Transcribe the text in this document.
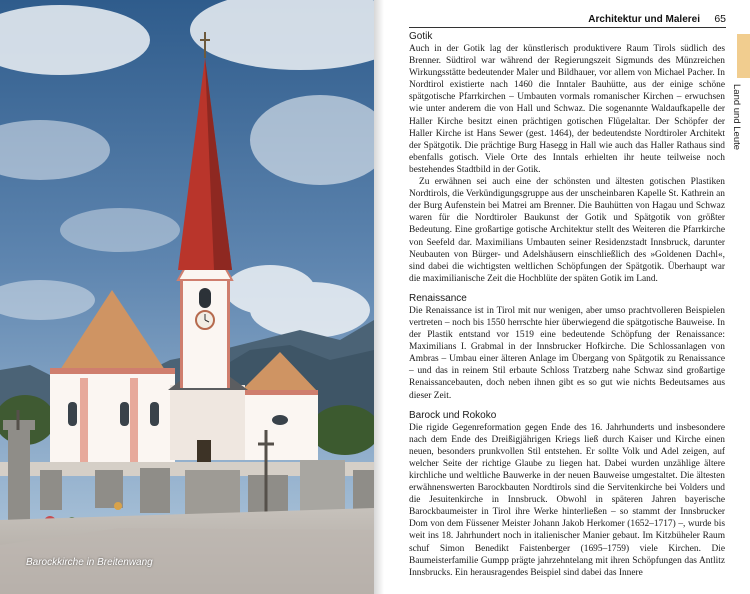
Barockkirche in Breitenwang
Architektur und Malerei 65
Land und Leute
Gotik

Auch in der Gotik lag der künstlerisch produktivere Raum Tirols südlich des Brenner. Südtirol war während der Regierungszeit Sigmunds des Münzreichen Wirkungsstätte bedeutender Maler und Bildhauer, vor allem von Michael Pacher. In Nordtirol existierte nach 1460 die Inntaler Bauhütte, aus der einige schöne spätgotische Pfarrkirchen – Umbauten vormals romanischer Kirchen – erwuchsen wie unter anderem die von Hall und Schwaz. Die sogenannte Waldaufkapelle der Haller Kirche besitzt einen prächtigen gotischen Flügelaltar. Der Schöpfer der Haller Kirche ist Hans Sewer (gest. 1464), der bedeutendste Nordtiroler Architekt der Spätgotik. Die prächtige Burg Hasegg in Hall wie auch das Haller Rathaus sind ebenfalls gotisch. Viele Orte des Inntals erhielten ihr heute teilweise noch bestehendes Stadtbild in der Gotik.

Zu erwähnen sei auch eine der schönsten und ältesten gotischen Plastiken Nordtirols, die Verkündigungsgruppe aus der unscheinbaren Kapelle St. Kathrein an der Burg Aufenstein bei Matrei am Brenner. Die Bauhütten von Hagau und Schwaz waren für die Nordtiroler Baukunst der Gotik und Spätgotik von größter Bedeutung. Eine großartige gotische Architektur stellt des Weiteren die Pfarrkirche von Seefeld dar. Maximilians Umbauten seiner Residenzstadt Innsbruck, darunter Neubauten von Bürger- und Adelshäusern einschließlich des »Goldenen Dachl«, sind dabei die wichtigsten weltlichen Schöpfungen der Spätgotik. Überhaupt war die maximilianische Zeit die Hochblüte der späten Gotik im Land.

Renaissance

Die Renaissance ist in Tirol mit nur wenigen, aber umso prachtvolleren Beispielen vertreten – noch bis 1550 herrschte hier überwiegend die spätgotische Bauweise. In der Plastik entstand vor 1519 eine bedeutende Schöpfung der Renaissance: Maximilians I. Grabmal in der Innsbrucker Hofkirche. Die Schlossanlagen von Ambras – Umbau einer älteren Anlage im Übergang von Spätgotik zu Renaissance – und das in reinem Stil erbaute Schloss Tratzberg nahe Schwaz sind großartige Renaissancebauten, doch neben ihnen gibt es so gut wie nichts Bedeutsames aus dieser Zeit.

Barock und Rokoko

Die rigide Gegenreformation gegen Ende des 16. Jahrhunderts und insbesondere nach dem Ende des Dreißigjährigen Kriegs ließ durch Kaiser und Kirche einen neuen, besonders prunkvollen Stil entstehen. Er sollte Volk und Adel zeigen, auf welcher Seite der richtige Glaube zu liegen hat. Dabei wurden unzählige ältere kirchliche und weltliche Bauwerke in der neuen Bauweise umgestaltet. Die ältesten erwähnenswerten Barockbauten Nordtirols sind die Servitenkirche bei Volders und die Jesuitenkirche in Innsbruck. Obwohl in späteren Jahren bayerische Barockbaumeister in Tirol ihre Werke hinterließen – so stammt der Innsbrucker Dom von dem Füssener Meister Johann Jakob Herkomer (1652–1717) –, wurde bis weit ins 18. Jahrhundert noch in italienischer Manier gebaut. Im Kitzbüheler Raum schuf Simon Benedikt Faistenberger (1695–1759) viele Kirchen. Die Baumeisterfamilie Gumpp prägte jahrzehntelang mit ihren Schöpfungen das Antlitz Innsbrucks. Ein herausragendes Beispiel sind dabei das Innere
